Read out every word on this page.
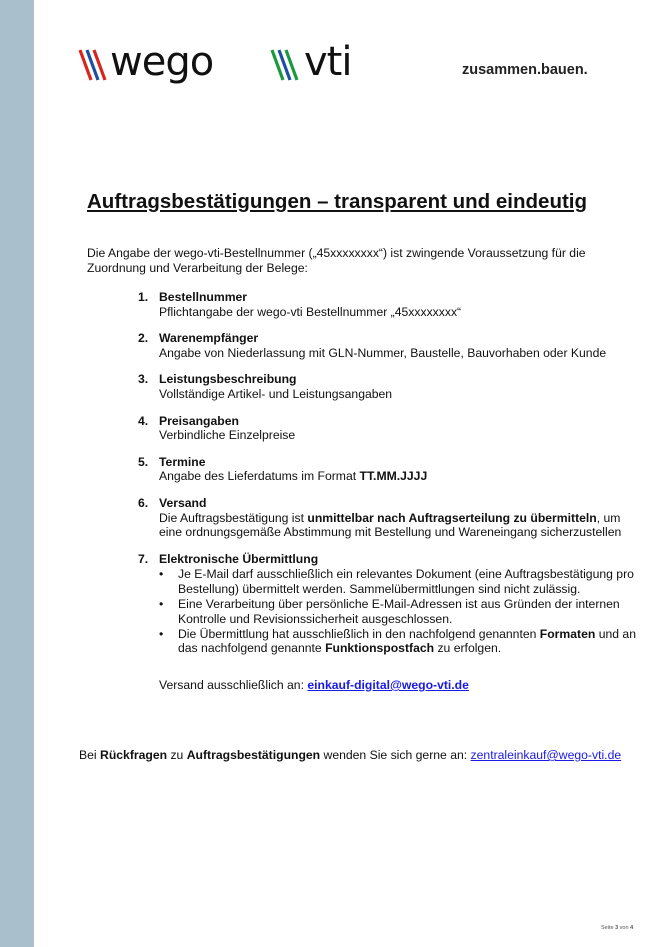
wego vti	zusammen.bauen.
Auftragsbestätigungen – transparent und eindeutig
Die Angabe der wego-vti-Bestellnummer („45xxxxxxxx“) ist zwingende Voraussetzung für die Zuordnung und Verarbeitung der Belege:
1. Bestellnummer
Pflichtangabe der wego-vti Bestellnummer „45xxxxxxxx“
2. Warenempfänger
Angabe von Niederlassung mit GLN-Nummer, Baustelle, Bauvorhaben oder Kunde
3. Leistungsbeschreibung
Vollständige Artikel- und Leistungsangaben
4. Preisangaben
Verbindliche Einzelpreise
5. Termine
Angabe des Lieferdatums im Format TT.MM.JJJJ
6. Versand
Die Auftragsbestätigung ist unmittelbar nach Auftragserteilung zu übermitteln, um eine ordnungsgemäße Abstimmung mit Bestellung und Wareneingang sicherzustellen
7. Elektronische Übermittlung
• Je E-Mail darf ausschließlich ein relevantes Dokument (eine Auftragsbestätigung pro Bestellung) übermittelt werden. Sammelübermittlungen sind nicht zulässig.
• Eine Verarbeitung über persönliche E-Mail-Adressen ist aus Gründen der internen Kontrolle und Revisionssicherheit ausgeschlossen.
• Die Übermittlung hat ausschließlich in den nachfolgend genannten Formaten und an das nachfolgend genannte Funktionspostfach zu erfolgen.
Versand ausschließlich an: einkauf-digital@wego-vti.de
Bei Rückfragen zu Auftragsbestätigungen wenden Sie sich gerne an: zentraleinkauf@wego-vti.de
Seite 3 von 4
